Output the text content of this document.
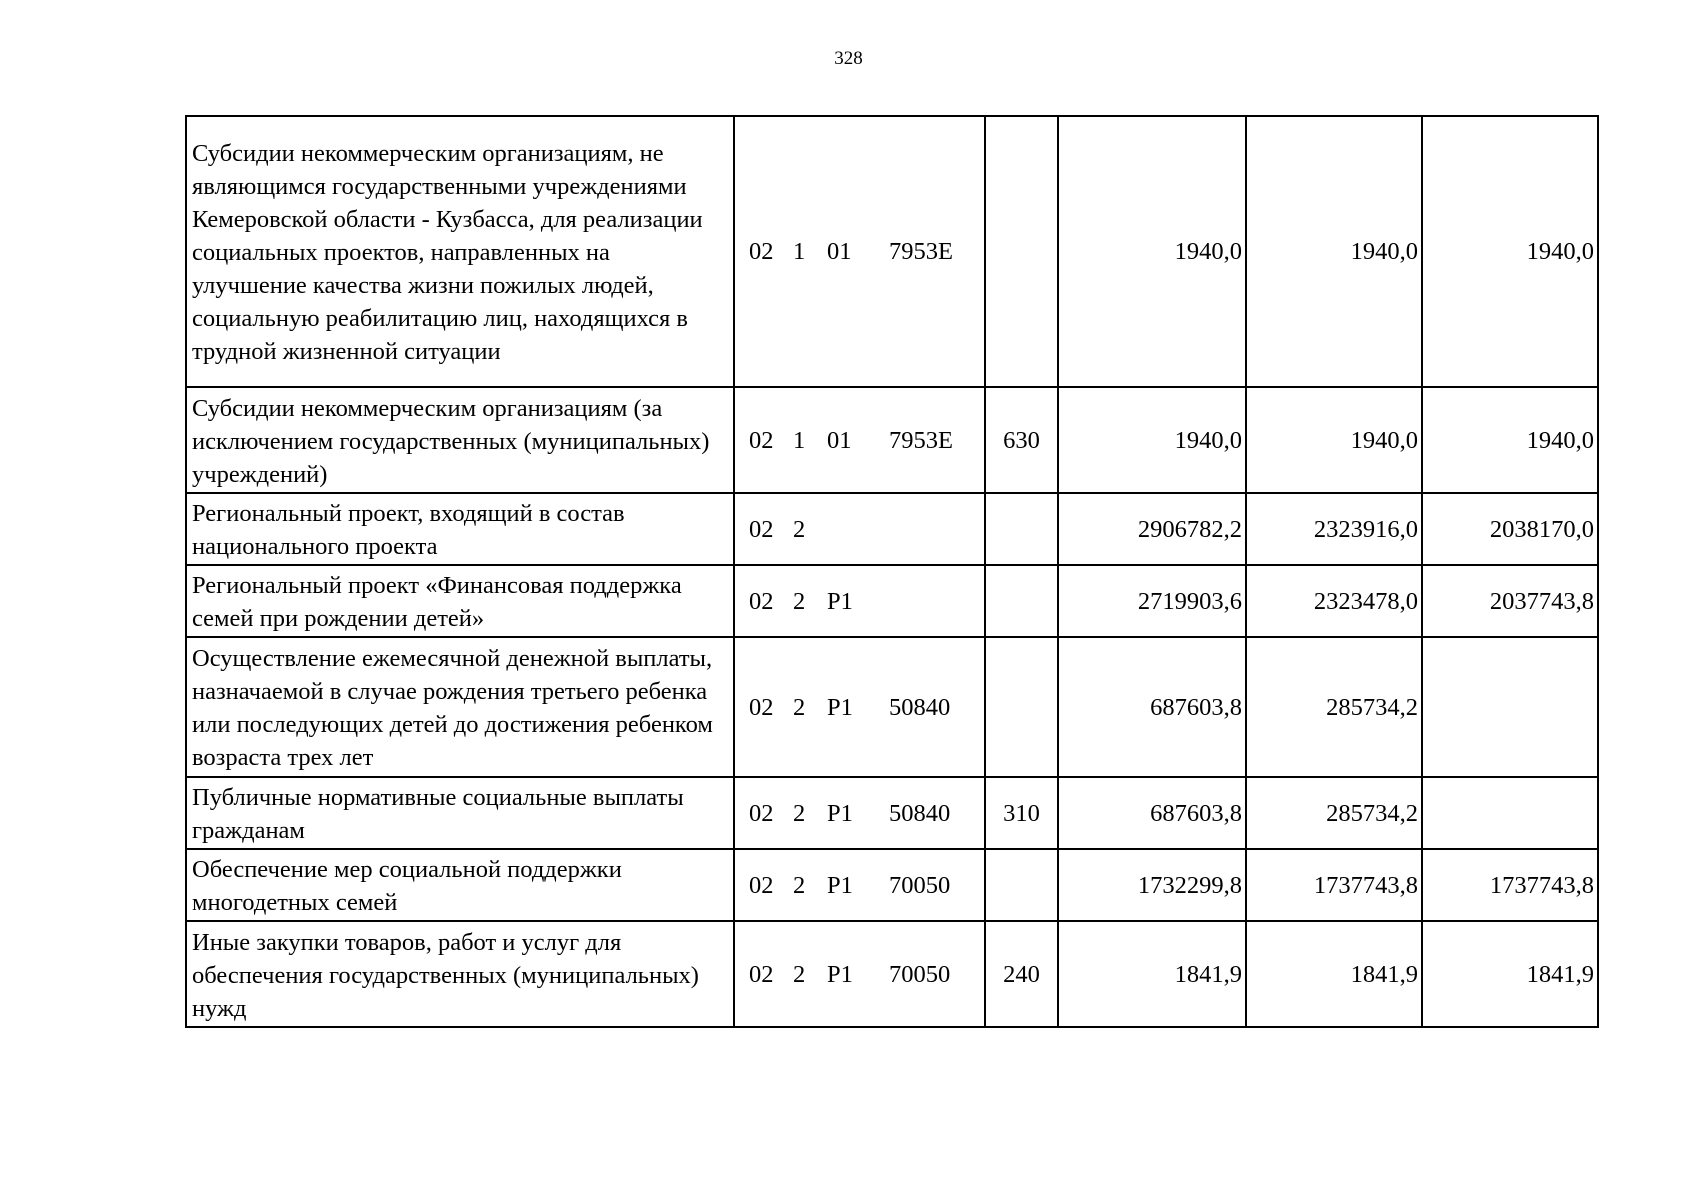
328
Субсидии некоммерческим организациям, не являющимся государственными учреждениями Кемеровской области - Кузбасса, для реализации социальных проектов, направленных на улучшение качества жизни пожилых людей, социальную реабилитацию лиц, находящихся в трудной жизненной ситуации	02 1 01 7953E		1940,0	1940,0	1940,0
Субсидии некоммерческим организациям (за исключением государственных (муниципальных) учреждений)	02 1 01 7953E	630	1940,0	1940,0	1940,0
Региональный проект, входящий в состав национального проекта	02 2		2906782,2	2323916,0	2038170,0
Региональный проект «Финансовая поддержка семей при рождении детей»	02 2 P1		2719903,6	2323478,0	2037743,8
Осуществление ежемесячной денежной выплаты, назначаемой в случае рождения третьего ребенка или последующих детей до достижения ребенком возраста трех лет	02 2 P1 50840		687603,8	285734,2	
Публичные нормативные социальные выплаты гражданам	02 2 P1 50840	310	687603,8	285734,2	
Обеспечение мер социальной поддержки многодетных семей	02 2 P1 70050		1732299,8	1737743,8	1737743,8
Иные закупки товаров, работ и услуг для обеспечения государственных (муниципальных) нужд	02 2 P1 70050	240	1841,9	1841,9	1841,9
